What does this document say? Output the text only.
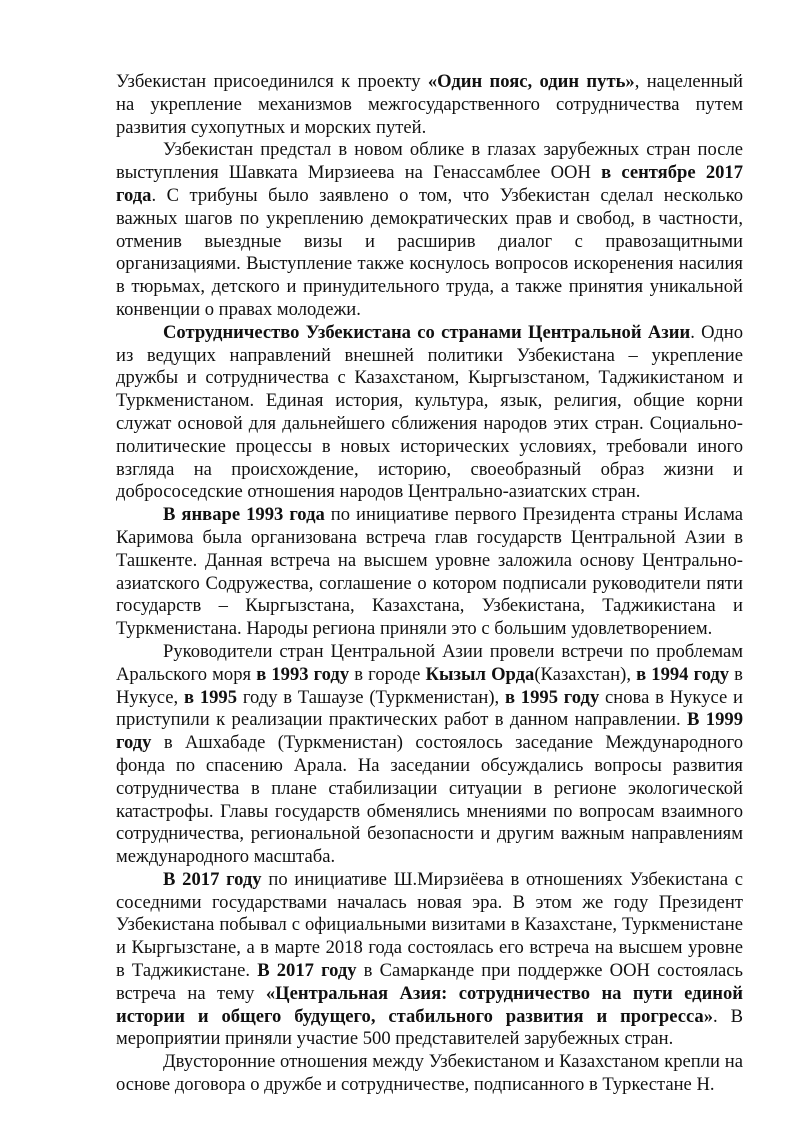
Узбекистан присоединился к проекту «Один пояс, один путь», нацеленный на укрепление механизмов межгосударственного сотрудничества путем развития сухопутных и морских путей.

Узбекистан предстал в новом облике в глазах зарубежных стран после выступления Шавката Мирзиеева на Генассамблее ООН в сентябре 2017 года. С трибуны было заявлено о том, что Узбекистан сделал несколько важных шагов по укреплению демократических прав и свобод, в частности, отменив выездные визы и расширив диалог с правозащитными организациями. Выступление также коснулось вопросов искоренения насилия в тюрьмах, детского и принудительного труда, а также принятия уникальной конвенции о правах молодежи.

Сотрудничество Узбекистана со странами Центральной Азии. Одно из ведущих направлений внешней политики Узбекистана – укрепление дружбы и сотрудничества с Казахстаном, Кыргызстаном, Таджикистаном и Туркменистаном. Единая история, культура, язык, религия, общие корни служат основой для дальнейшего сближения народов этих стран. Социально-политические процессы в новых исторических условиях, требовали иного взгляда на происхождение, историю, своеобразный образ жизни и добрососедские отношения народов Центрально-азиатских стран.

В январе 1993 года по инициативе первого Президента страны Ислама Каримова была организована встреча глав государств Центральной Азии в Ташкенте. Данная встреча на высшем уровне заложила основу Центрально-азиатского Содружества, соглашение о котором подписали руководители пяти государств – Кыргызстана, Казахстана, Узбекистана, Таджикистана и Туркменистана. Народы региона приняли это с большим удовлетворением.

Руководители стран Центральной Азии провели встречи по проблемам Аральского моря в 1993 году в городе Кызыл Орда(Казахстан), в 1994 году в Нукусе, в 1995 году в Ташаузе (Туркменистан), в 1995 году снова в Нукусе и приступили к реализации практических работ в данном направлении. В 1999 году в Ашхабаде (Туркменистан) состоялось заседание Международного фонда по спасению Арала. На заседании обсуждались вопросы развития сотрудничества в плане стабилизации ситуации в регионе экологической катастрофы. Главы государств обменялись мнениями по вопросам взаимного сотрудничества, региональной безопасности и другим важным направлениям международного масштаба.

В 2017 году по инициативе Ш.Мирзиёева в отношениях Узбекистана с соседними государствами началась новая эра. В этом же году Президент Узбекистана побывал с официальными визитами в Казахстане, Туркменистане и Кыргызстане, а в марте 2018 года состоялась его встреча на высшем уровне в Таджикистане. В 2017 году в Самарканде при поддержке ООН состоялась встреча на тему «Центральная Азия: сотрудничество на пути единой истории и общего будущего, стабильного развития и прогресса». В мероприятии приняли участие 500 представителей зарубежных стран.

Двусторонние отношения между Узбекистаном и Казахстаном крепли на основе договора о дружбе и сотрудничестве, подписанного в Туркестане Н.
